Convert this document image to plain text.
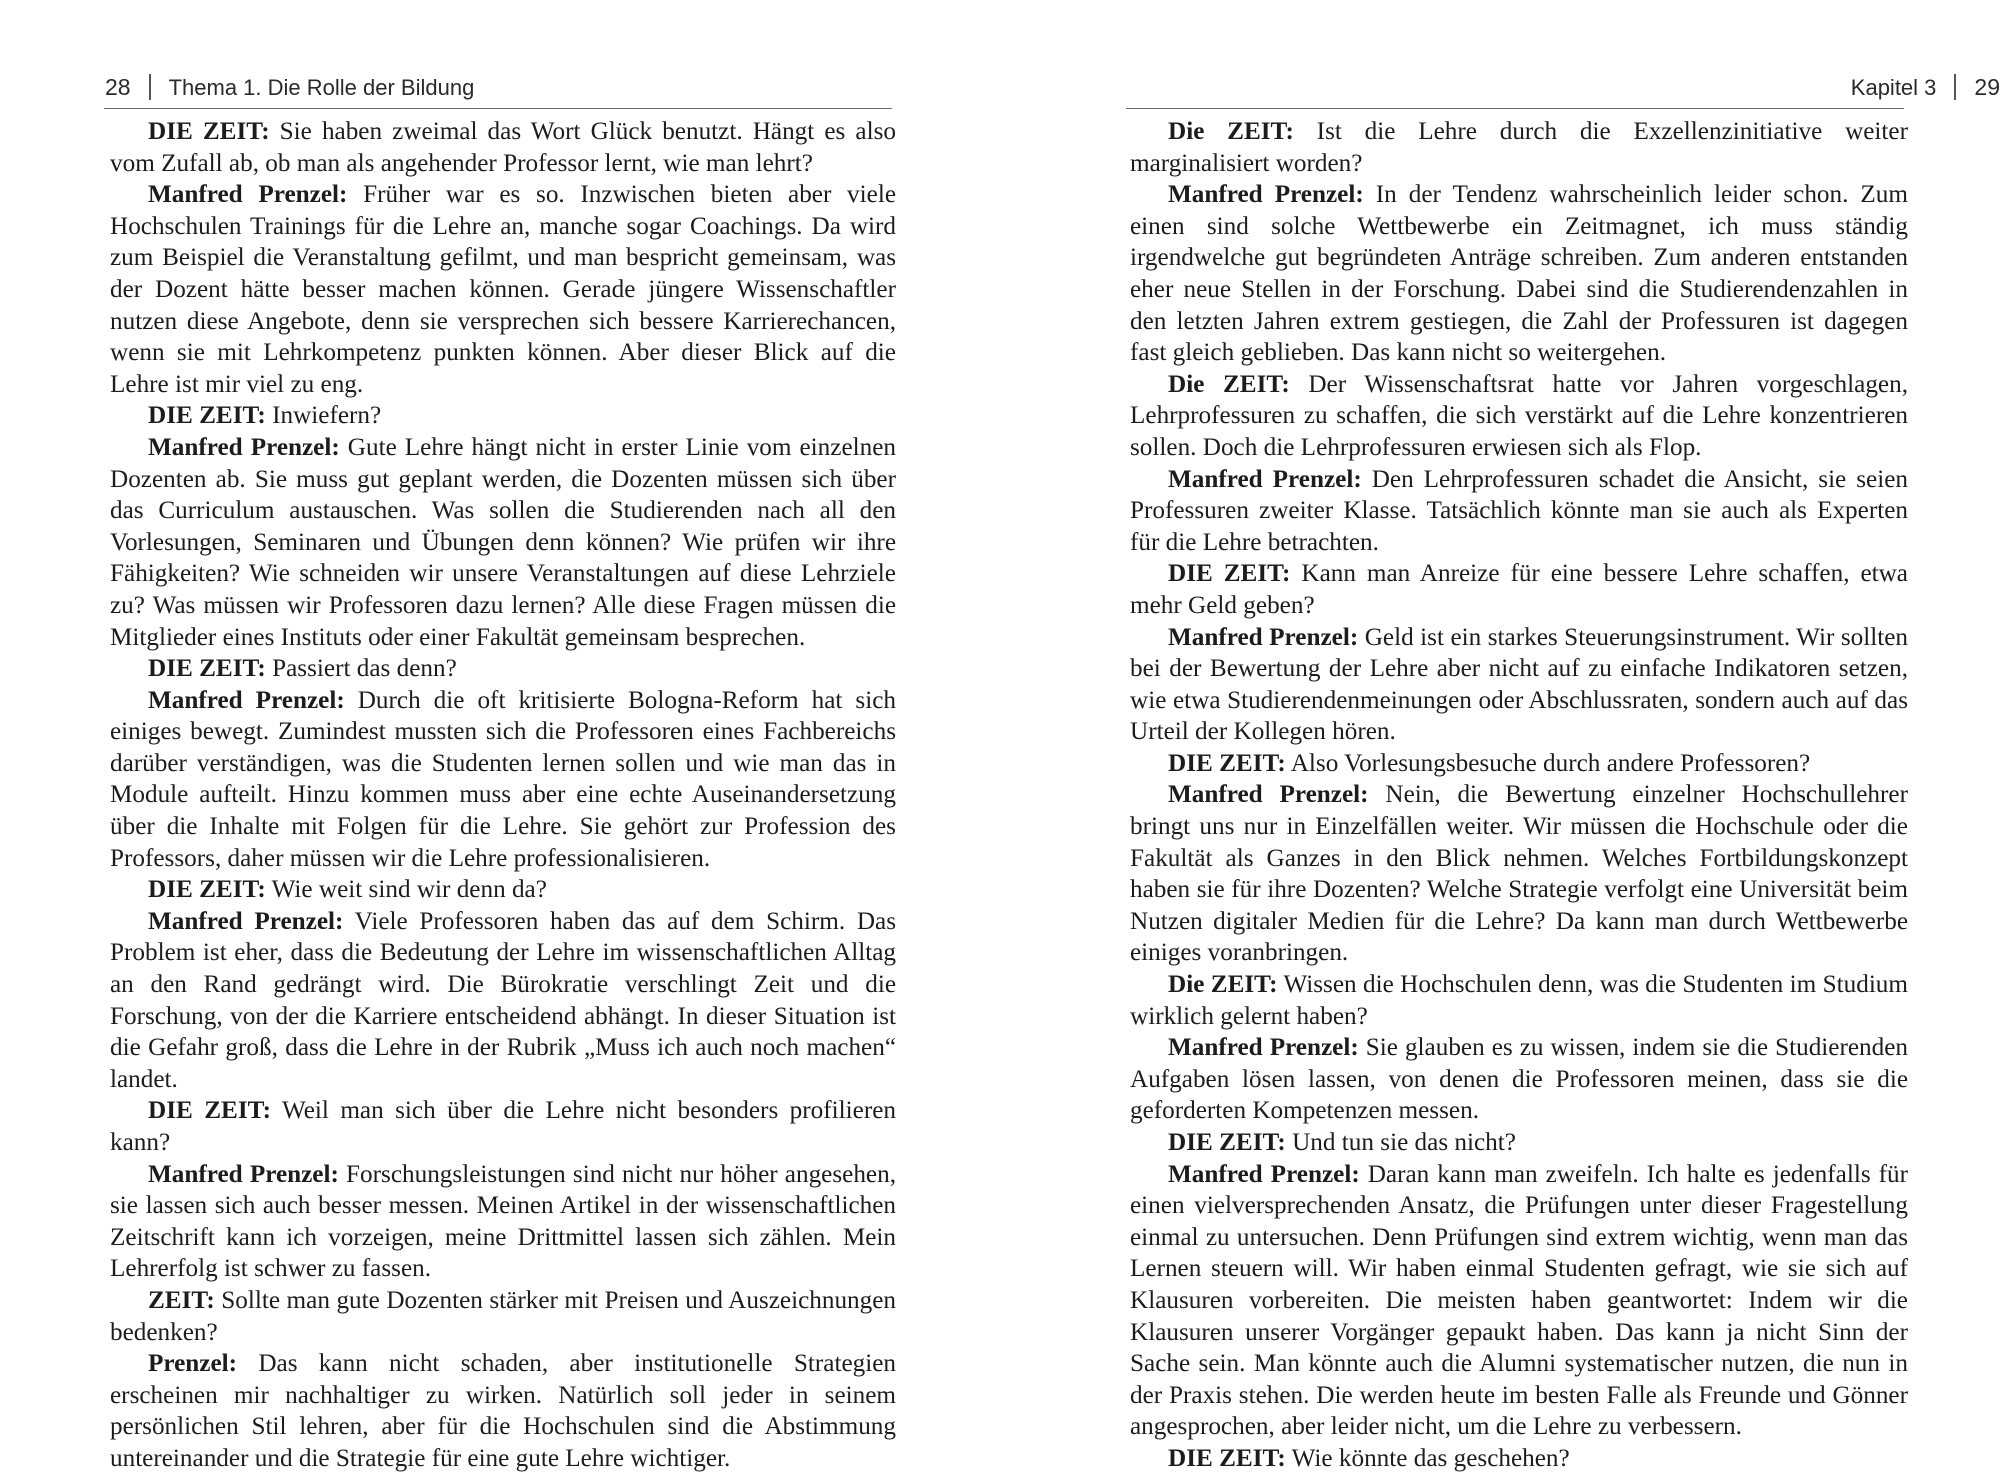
28 Thema 1. Die Rolle der Bildung

DIE ZEIT: Sie haben zweimal das Wort Glück benutzt. Hängt es also vom Zufall ab, ob man als angehender Professor lernt, wie man lehrt?

Manfred Prenzel: Früher war es so. Inzwischen bieten aber viele Hochschulen Trainings für die Lehre an, manche sogar Coachings. Da wird zum Beispiel die Veranstaltung gefilmt, und man bespricht gemeinsam, was der Dozent hätte besser machen können. Gerade jüngere Wissenschaftler nutzen diese Angebote, denn sie versprechen sich bessere Karrierechancen, wenn sie mit Lehrkompetenz punkten können. Aber dieser Blick auf die Lehre ist mir viel zu eng.

DIE ZEIT: Inwiefern?

Manfred Prenzel: Gute Lehre hängt nicht in erster Linie vom einzelnen Dozenten ab. Sie muss gut geplant werden, die Dozenten müssen sich über das Curriculum austauschen. Was sollen die Studierenden nach all den Vorlesungen, Seminaren und Übungen denn können? Wie prüfen wir ihre Fähigkeiten? Wie schneiden wir unsere Veranstaltungen auf diese Lehrziele zu? Was müssen wir Professoren dazu lernen? Alle diese Fragen müssen die Mitglieder eines Instituts oder einer Fakultät gemeinsam besprechen.

DIE ZEIT: Passiert das denn?

Manfred Prenzel: Durch die oft kritisierte Bologna-Reform hat sich einiges bewegt. Zumindest mussten sich die Professoren eines Fachbereichs darüber verständigen, was die Studenten lernen sollen und wie man das in Module aufteilt. Hinzu kommen muss aber eine echte Auseinandersetzung über die Inhalte mit Folgen für die Lehre. Sie gehört zur Profession des Professors, daher müssen wir die Lehre professionalisieren.

DIE ZEIT: Wie weit sind wir denn da?

Manfred Prenzel: Viele Professoren haben das auf dem Schirm. Das Problem ist eher, dass die Bedeutung der Lehre im wissenschaftlichen Alltag an den Rand gedrängt wird. Die Bürokratie verschlingt Zeit und die Forschung, von der die Karriere entscheidend abhängt. In dieser Situation ist die Gefahr groß, dass die Lehre in der Rubrik „Muss ich auch noch machen“ landet.

DIE ZEIT: Weil man sich über die Lehre nicht besonders profilieren kann?

Manfred Prenzel: Forschungsleistungen sind nicht nur höher angesehen, sie lassen sich auch besser messen. Meinen Artikel in der wissenschaftlichen Zeitschrift kann ich vorzeigen, meine Drittmittel lassen sich zählen. Mein Lehrerfolg ist schwer zu fassen.

ZEIT: Sollte man gute Dozenten stärker mit Preisen und Auszeichnungen bedenken?

Prenzel: Das kann nicht schaden, aber institutionelle Strategien erscheinen mir nachhaltiger zu wirken. Natürlich soll jeder in seinem persönlichen Stil lehren, aber für die Hochschulen sind die Abstimmung untereinander und die Strategie für eine gute Lehre wichtiger.

Kapitel 3 29

Die ZEIT: Ist die Lehre durch die Exzellenzinitiative weiter marginalisiert worden?

Manfred Prenzel: In der Tendenz wahrscheinlich leider schon. Zum einen sind solche Wettbewerbe ein Zeitmagnet, ich muss ständig irgendwelche gut begründeten Anträge schreiben. Zum anderen entstanden eher neue Stellen in der Forschung. Dabei sind die Studierendenzahlen in den letzten Jahren extrem gestiegen, die Zahl der Professuren ist dagegen fast gleich geblieben. Das kann nicht so weitergehen.

Die ZEIT: Der Wissenschaftsrat hatte vor Jahren vorgeschlagen, Lehrprofessuren zu schaffen, die sich verstärkt auf die Lehre konzentrieren sollen. Doch die Lehrprofessuren erwiesen sich als Flop.

Manfred Prenzel: Den Lehrprofessuren schadet die Ansicht, sie seien Professuren zweiter Klasse. Tatsächlich könnte man sie auch als Experten für die Lehre betrachten.

DIE ZEIT: Kann man Anreize für eine bessere Lehre schaffen, etwa mehr Geld geben?

Manfred Prenzel: Geld ist ein starkes Steuerungsinstrument. Wir sollten bei der Bewertung der Lehre aber nicht auf zu einfache Indikatoren setzen, wie etwa Studierendenmeinungen oder Abschlussraten, sondern auch auf das Urteil der Kollegen hören.

DIE ZEIT: Also Vorlesungsbesuche durch andere Professoren?

Manfred Prenzel: Nein, die Bewertung einzelner Hochschullehrer bringt uns nur in Einzelfällen weiter. Wir müssen die Hochschule oder die Fakultät als Ganzes in den Blick nehmen. Welches Fortbildungskonzept haben sie für ihre Dozenten? Welche Strategie verfolgt eine Universität beim Nutzen digitaler Medien für die Lehre? Da kann man durch Wettbewerbe einiges voranbringen.

Die ZEIT: Wissen die Hochschulen denn, was die Studenten im Studium wirklich gelernt haben?

Manfred Prenzel: Sie glauben es zu wissen, indem sie die Studierenden Aufgaben lösen lassen, von denen die Professoren meinen, dass sie die geforderten Kompetenzen messen.

DIE ZEIT: Und tun sie das nicht?

Manfred Prenzel: Daran kann man zweifeln. Ich halte es jedenfalls für einen vielversprechenden Ansatz, die Prüfungen unter dieser Fragestellung einmal zu untersuchen. Denn Prüfungen sind extrem wichtig, wenn man das Lernen steuern will. Wir haben einmal Studenten gefragt, wie sie sich auf Klausuren vorbereiten. Die meisten haben geantwortet: Indem wir die Klausuren unserer Vorgänger gepaukt haben. Das kann ja nicht Sinn der Sache sein. Man könnte auch die Alumni systematischer nutzen, die nun in der Praxis stehen. Die werden heute im besten Falle als Freunde und Gönner angesprochen, aber leider nicht, um die Lehre zu verbessern.

DIE ZEIT: Wie könnte das geschehen?
